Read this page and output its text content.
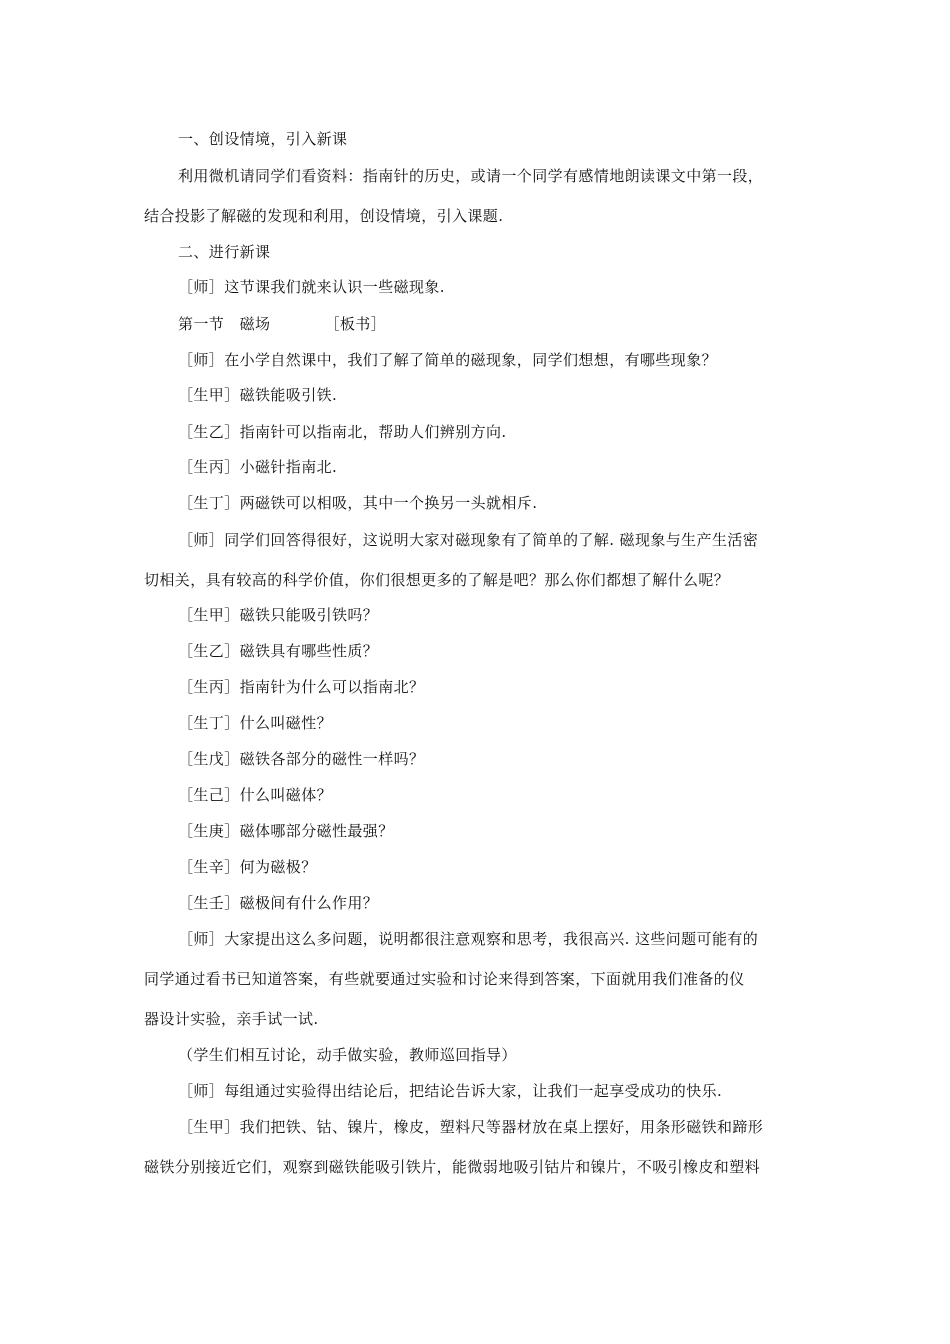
一、创设情境，引入新课
利用微机请同学们看资料：指南针的历史，或请一个同学有感情地朗读课文中第一段，
结合投影了解磁的发现和利用，创设情境，引入课题.
二、进行新课
［师］这节课我们就来认识一些磁现象.
第一节　磁场　　　　［板书］
［师］在小学自然课中，我们了解了简单的磁现象，同学们想想，有哪些现象？
［生甲］磁铁能吸引铁.
［生乙］指南针可以指南北，帮助人们辨别方向.
［生丙］小磁针指南北.
［生丁］两磁铁可以相吸，其中一个换另一头就相斥.
［师］同学们回答得很好，这说明大家对磁现象有了简单的了解. 磁现象与生产生活密
切相关，具有较高的科学价值，你们很想更多的了解是吧？那么你们都想了解什么呢？
［生甲］磁铁只能吸引铁吗？
［生乙］磁铁具有哪些性质？
［生丙］指南针为什么可以指南北？
［生丁］什么叫磁性？
［生戊］磁铁各部分的磁性一样吗？
［生己］什么叫磁体？
［生庚］磁体哪部分磁性最强？
［生辛］何为磁极？
［生壬］磁极间有什么作用？
［师］大家提出这么多问题，说明都很注意观察和思考，我很高兴. 这些问题可能有的
同学通过看书已知道答案，有些就要通过实验和讨论来得到答案，下面就用我们准备的仪
器设计实验，亲手试一试.
（学生们相互讨论，动手做实验，教师巡回指导）
［师］每组通过实验得出结论后，把结论告诉大家，让我们一起享受成功的快乐.
［生甲］我们把铁、钴、镍片，橡皮，塑料尺等器材放在桌上摆好，用条形磁铁和蹄形
磁铁分别接近它们，观察到磁铁能吸引铁片，能微弱地吸引钴片和镍片，不吸引橡皮和塑料
